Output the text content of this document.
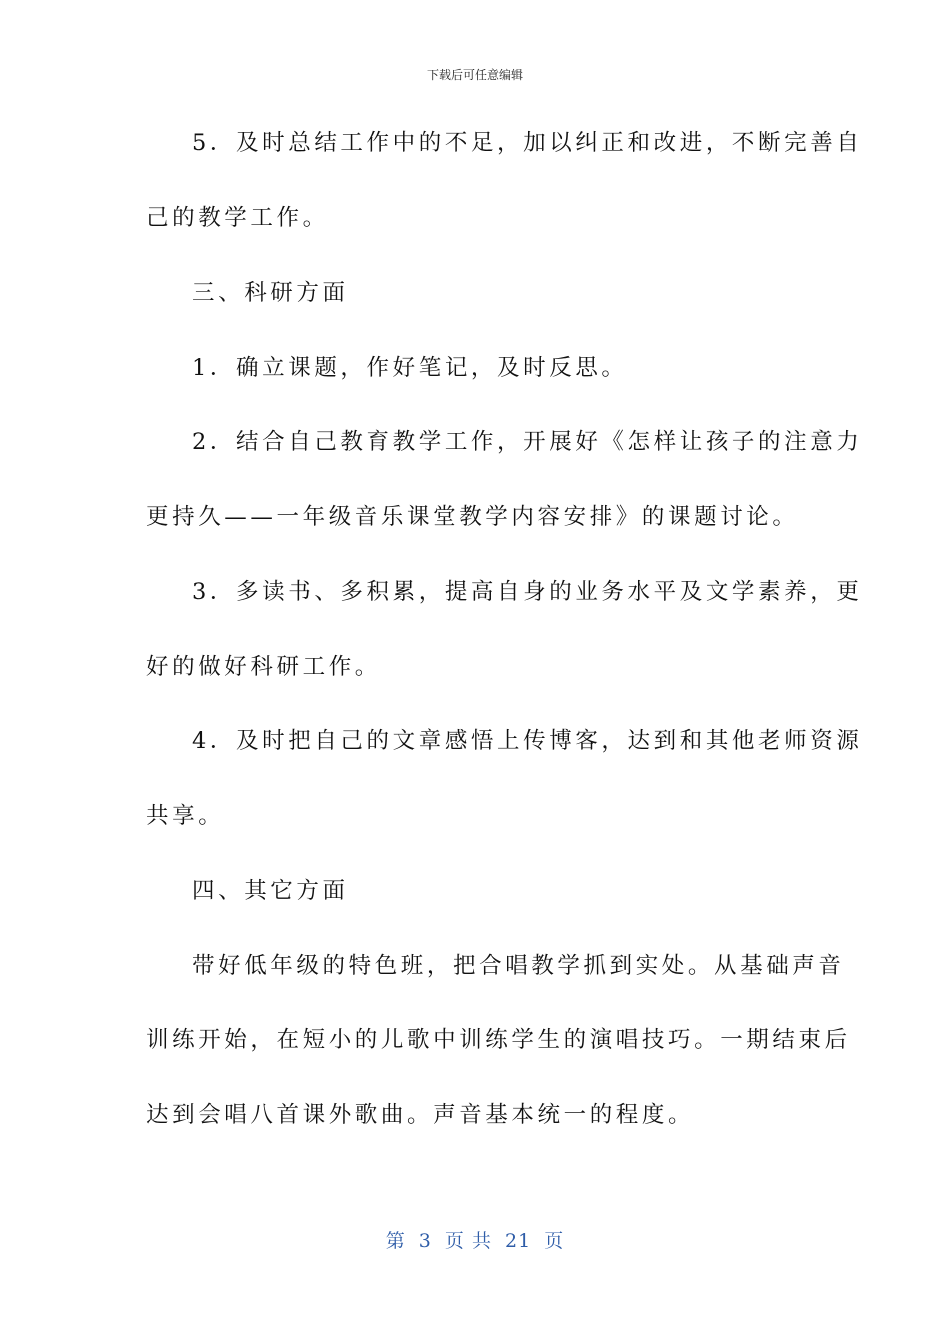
下载后可任意编辑
5．及时总结工作中的不足，加以纠正和改进，不断完善自
己的教学工作。
三、科研方面
1．确立课题，作好笔记，及时反思。
2．结合自己教育教学工作，开展好《怎样让孩子的注意力
更持久——一年级音乐课堂教学内容安排》的课题讨论。
3．多读书、多积累，提高自身的业务水平及文学素养，更
好的做好科研工作。
4．及时把自己的文章感悟上传博客，达到和其他老师资源
共享。
四、其它方面
带好低年级的特色班，把合唱教学抓到实处。从基础声音
训练开始，在短小的儿歌中训练学生的演唱技巧。一期结束后
达到会唱八首课外歌曲。声音基本统一的程度。
第 3 页 共 21 页
